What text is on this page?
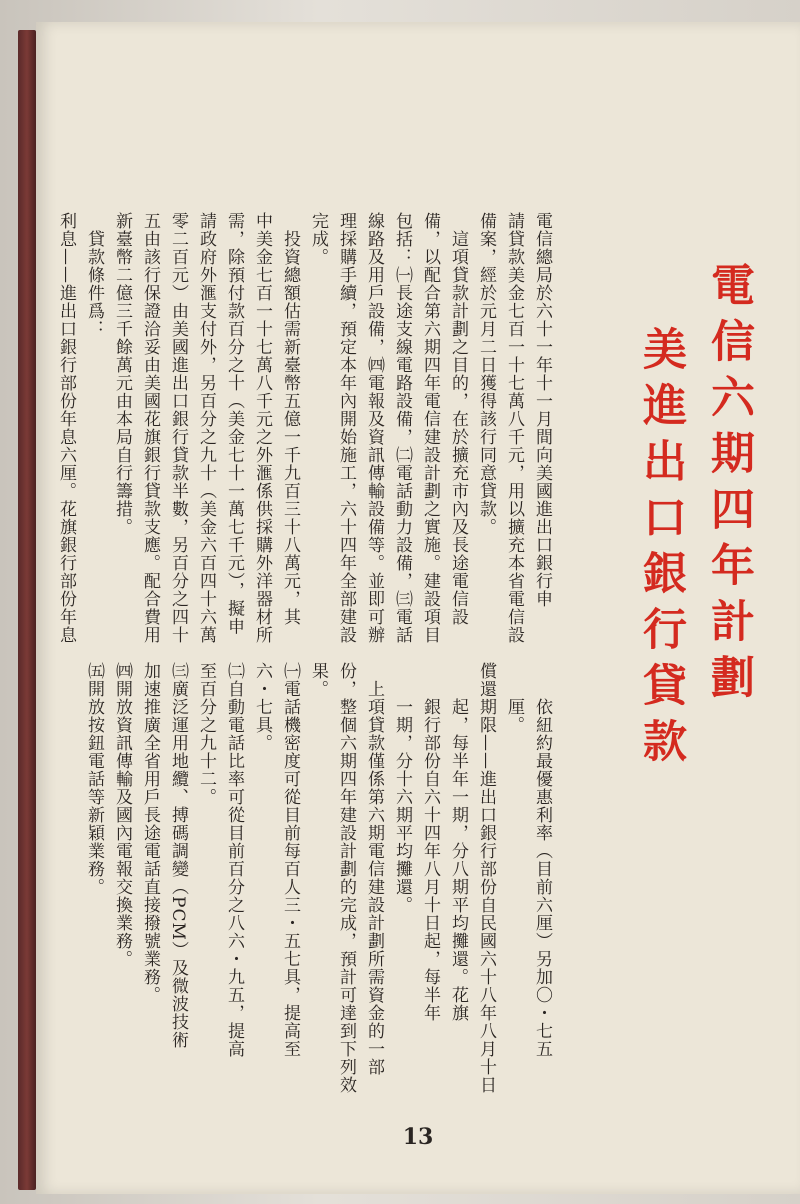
電信六期四年計劃
美進出口銀行貸款
電信總局於六十一年十一月間向美國進出口銀行申
請貸款美金七百一十七萬八千元，用以擴充本省電信設
備案，經於元月二日獲得該行同意貸款。
　這項貸款計劃之目的，在於擴充市內及長途電信設
備，以配合第六期四年電信建設計劃之實施。建設項目
包括：㈠長途支線電路設備，㈡電話動力設備，㈢電話
線路及用戶設備，㈣電報及資訊傳輸設備等。並即可辦
理採購手續，預定本年內開始施工，六十四年全部建設
完成。
　投資總額估需新臺幣五億一千九百三十八萬元，其
中美金七百一十七萬八千元之外滙係供採購外洋器材所
需，除預付款百分之十（美金七十一萬七千元），擬申
請政府外滙支付外，另百分之九十（美金六百四十六萬
零二百元）由美國進出口銀行貸款半數，另百分之四十
五由該行保證洽妥由美國花旗銀行貸款支應。配合費用
新臺幣二億三千餘萬元由本局自行籌措。
　貸款條件爲：
利息——進出口銀行部份年息六厘。花旗銀行部份年息
　　依紐約最優惠利率（目前六厘）另加〇・七五
　　厘。
償還期限——進出口銀行部份自民國六十八年八月十日
　　起，每半年一期，分八期平均攤還。花旗
　　銀行部份自六十四年八月十日起，每半年
　　一期，分十六期平均攤還。
　上項貸款僅係第六期電信建設計劃所需資金的一部
份，整個六期四年建設計劃的完成，預計可達到下列效
果。
㈠電話機密度可從目前每百人三・五七具，提高至
六・七具。
㈡自動電話比率可從目前百分之八六・九五，提高
至百分之九十二。
㈢廣泛運用地纜、搏碼調變（PCM）及微波技術
加速推廣全省用戶長途電話直接撥號業務。
㈣開放資訊傳輸及國內電報交換業務。
㈤開放按鈕電話等新穎業務。
13
